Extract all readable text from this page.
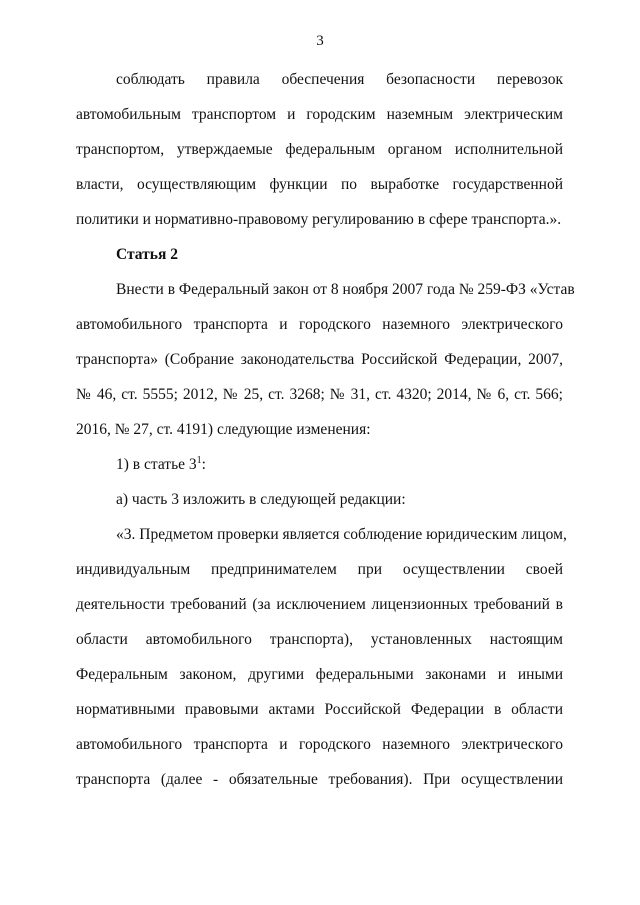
3
соблюдать правила обеспечения безопасности перевозок
автомобильным транспортом и городским наземным электрическим
транспортом, утверждаемые федеральным органом исполнительной
власти, осуществляющим функции по выработке государственной
политики и нормативно-правовому регулированию в сфере транспорта.».
Статья 2
Внести в Федеральный закон от 8 ноября 2007 года № 259-ФЗ «Устав
автомобильного транспорта и городского наземного электрического
транспорта» (Собрание законодательства Российской Федерации, 2007,
№ 46, ст. 5555; 2012, № 25, ст. 3268; № 31, ст. 4320; 2014, № 6, ст. 566;
2016, № 27, ст. 4191) следующие изменения:
1) в статье $3^1$:
а) часть 3 изложить в следующей редакции:
«3. Предметом проверки является соблюдение юридическим лицом,
индивидуальным предпринимателем при осуществлении своей
деятельности требований (за исключением лицензионных требований в
области автомобильного транспорта), установленных настоящим
Федеральным законом, другими федеральными законами и иными
нормативными правовыми актами Российской Федерации в области
автомобильного транспорта и городского наземного электрического
транспорта (далее - обязательные требования). При осуществлении
